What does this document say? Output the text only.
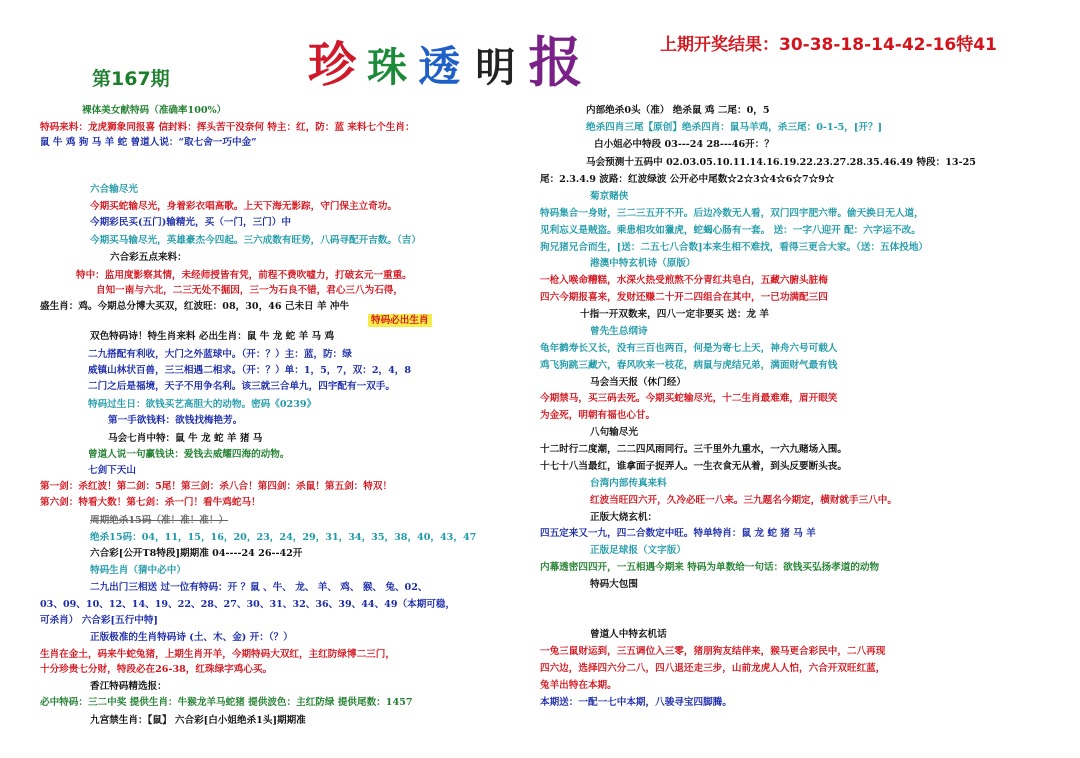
珍 珠 透 明 报	上期开奖结果：30-38-18-14-42-16特41
第167期
裸体美女献特码（准确率100%）
特码来料：龙虎狮象同报喜 信封料：挥头苦干没奈何 特主：红，防：蓝 来料七个生肖：
鼠 牛 鸡 狗 马 羊 蛇 曾道人说：“取七舍一巧中金”
六合输尽光
今期买蛇输尽光，身着彩衣唱高歌。上天下海无影踪，守门保主立奇功。
今期彩民买(五门)输精光，买（一门，三门）中
今期买马输尽光，英雄豪杰今四起。三六成数有旺势，八码寻配开吉数。（吉）
六合彩五点来料：
特中：监用度影察其情，未经师授皆有凭，前程不费吹嘘力，打破玄元一重重。
自知一南与六北，二三无处不掘因，三一为石良不错，君心三八为石得，
盛生肖：鸡。今期总分博大买双，红波旺：08，30，46 己未日 羊 冲牛
特码必出生肖
双色特码诗！特生肖来料 必出生肖：鼠 牛 龙 蛇 羊 马 鸡
二九搭配有利收，大门之外蓝球中。（开：？）主：蓝，防：绿
威镇山林状百兽，三三相遇二相求。（开：？）单：1，5，7，双：2，4，8
二门之后是福境，天子不用争名利。该三就三合单九，四宇配有一双手。
特码过生日：欲钱买艺高胆大的动物。密码《0239》
第一手欲钱料：欲钱找梅艳芳。
马会七肖中特：鼠 牛 龙 蛇 羊 猪 马
曾道人说一句赢钱诀：爱钱去威耀四海的动物。
七剑下天山
第一剑：杀红波！第二剑：5尾！第三剑：杀八合！第四剑：杀鼠！第五剑：特双！
第六剑：特看大数！第七剑：杀一门！看牛鸡蛇马！
周期绝杀15码（准！准！准！）
绝杀15码：04，11，15，16，20，23，24，29，31，34，35，38，40，43，47
六合彩[公开T8特段]期期准 04----24 26--42开
特码生肖（猜中必中）
二九出门三相送 过一位有特码：开 ？鼠 、牛、 龙、 羊、 鸡、 猴、 兔、02、
03、09、10、12、14、19、22、28、27、30、31、32、36、39、44、49（本期可稳，
可杀肖） 六合彩[五行中特]
正版极准的生肖特码诗 (土、木、金) 开：（？）
生肖在金土，码来牛蛇兔猪，上期生肖开羊，今期特码大双红，主红防绿博二三门，
十分珍贵七分财，特段必在26-38，红珠绿字鸡心买。
香江特码精选报：
必中特码：三二中奖 提供生肖：牛猴龙羊马蛇猪 提供波色：主红防绿 提供尾数：1457
九宫禁生肖：【鼠】 六合彩[白小姐绝杀1头]期期准
内部绝杀0头（准） 绝杀鼠 鸡 二尾：0，5
绝杀四肖三尾【原创】绝杀四肖：鼠马羊鸡，杀三尾：0-1-5，[开？]
白小姐必中特段 03---24 28---46开：？
马会预测十五码中 02.03.05.10.11.14.16.19.22.23.27.28.35.46.49 特段：13-25
尾：2.3.4.9 波路：红波绿波 公开必中尾数☆2☆3☆4☆6☆7☆9☆
菊京赌侠
特码集合一身财，三二三五开不开。后边冷数无人看，双门四宇肥六带。偷天换日无人道，
见利忘义是贼盗。乘患相攻如獵虎，蛇蝎心肠有一套。 送：一字八迎开 配：六字运不改。
狗兄猪兄合而生，[送：二五七八合数]本来生相不难找，看得三更合大家。（送：五体投地）
港澳中特玄机诗（原版）
一枪入喉命糟糕，水深火热受煎熬不分青红共皂白，五藏六腑头脏梅
四六今期报喜来，发财还赚二十开二四组合在其中，一已功满配三四
十指一开双数来，四八一定非要买 送：龙 羊
曾先生总纲诗
龟年鹤寿长又长，没有三百也两百，何是为寄七上天，神舟六号可载人
鸡飞狗跳三藏六，春风吹来一枝花，病鼠与虎结兄弟，满面财气最有钱
马会当天报（休门经）
今期禁马，买三码去死。今期买蛇输尽光，十二生肖最难难，眉开眼笑
为金死，明朝有福也心甘。
八句输尽光
十二时行二度潮，二二四风雨同行。三千里外九重水，一六九赌场入围。
十七十八当最红，谁拿面子捉弄人。一生衣食无从着，到头反要断头丧。
台湾内部传真来料
红波当旺四六开，久冷必旺一八来。三九题名今期定，横财就手三八中。
正版大烧玄机：
四五定来又一九，四二合数定中旺。特单特肖：鼠 龙 蛇 猪 马 羊
正版足球报（文字版）
内幕透密四四开，一五相遇今期来 特码为单数给一句话：欲钱买弘扬孝道的动物
特码大包围
曾道人中特玄机话
一兔三鼠财运到，三五调位入三零，猪朋狗友结伴来，猴马更合彩民中，二八再现
四六边，选择四六分二八，四八退还走三步，山前龙虎人人怕，六合开双旺红蓝，
兔羊出特在本期。
本期送：一配一七中本期，八骏寻宝四脚腾。
